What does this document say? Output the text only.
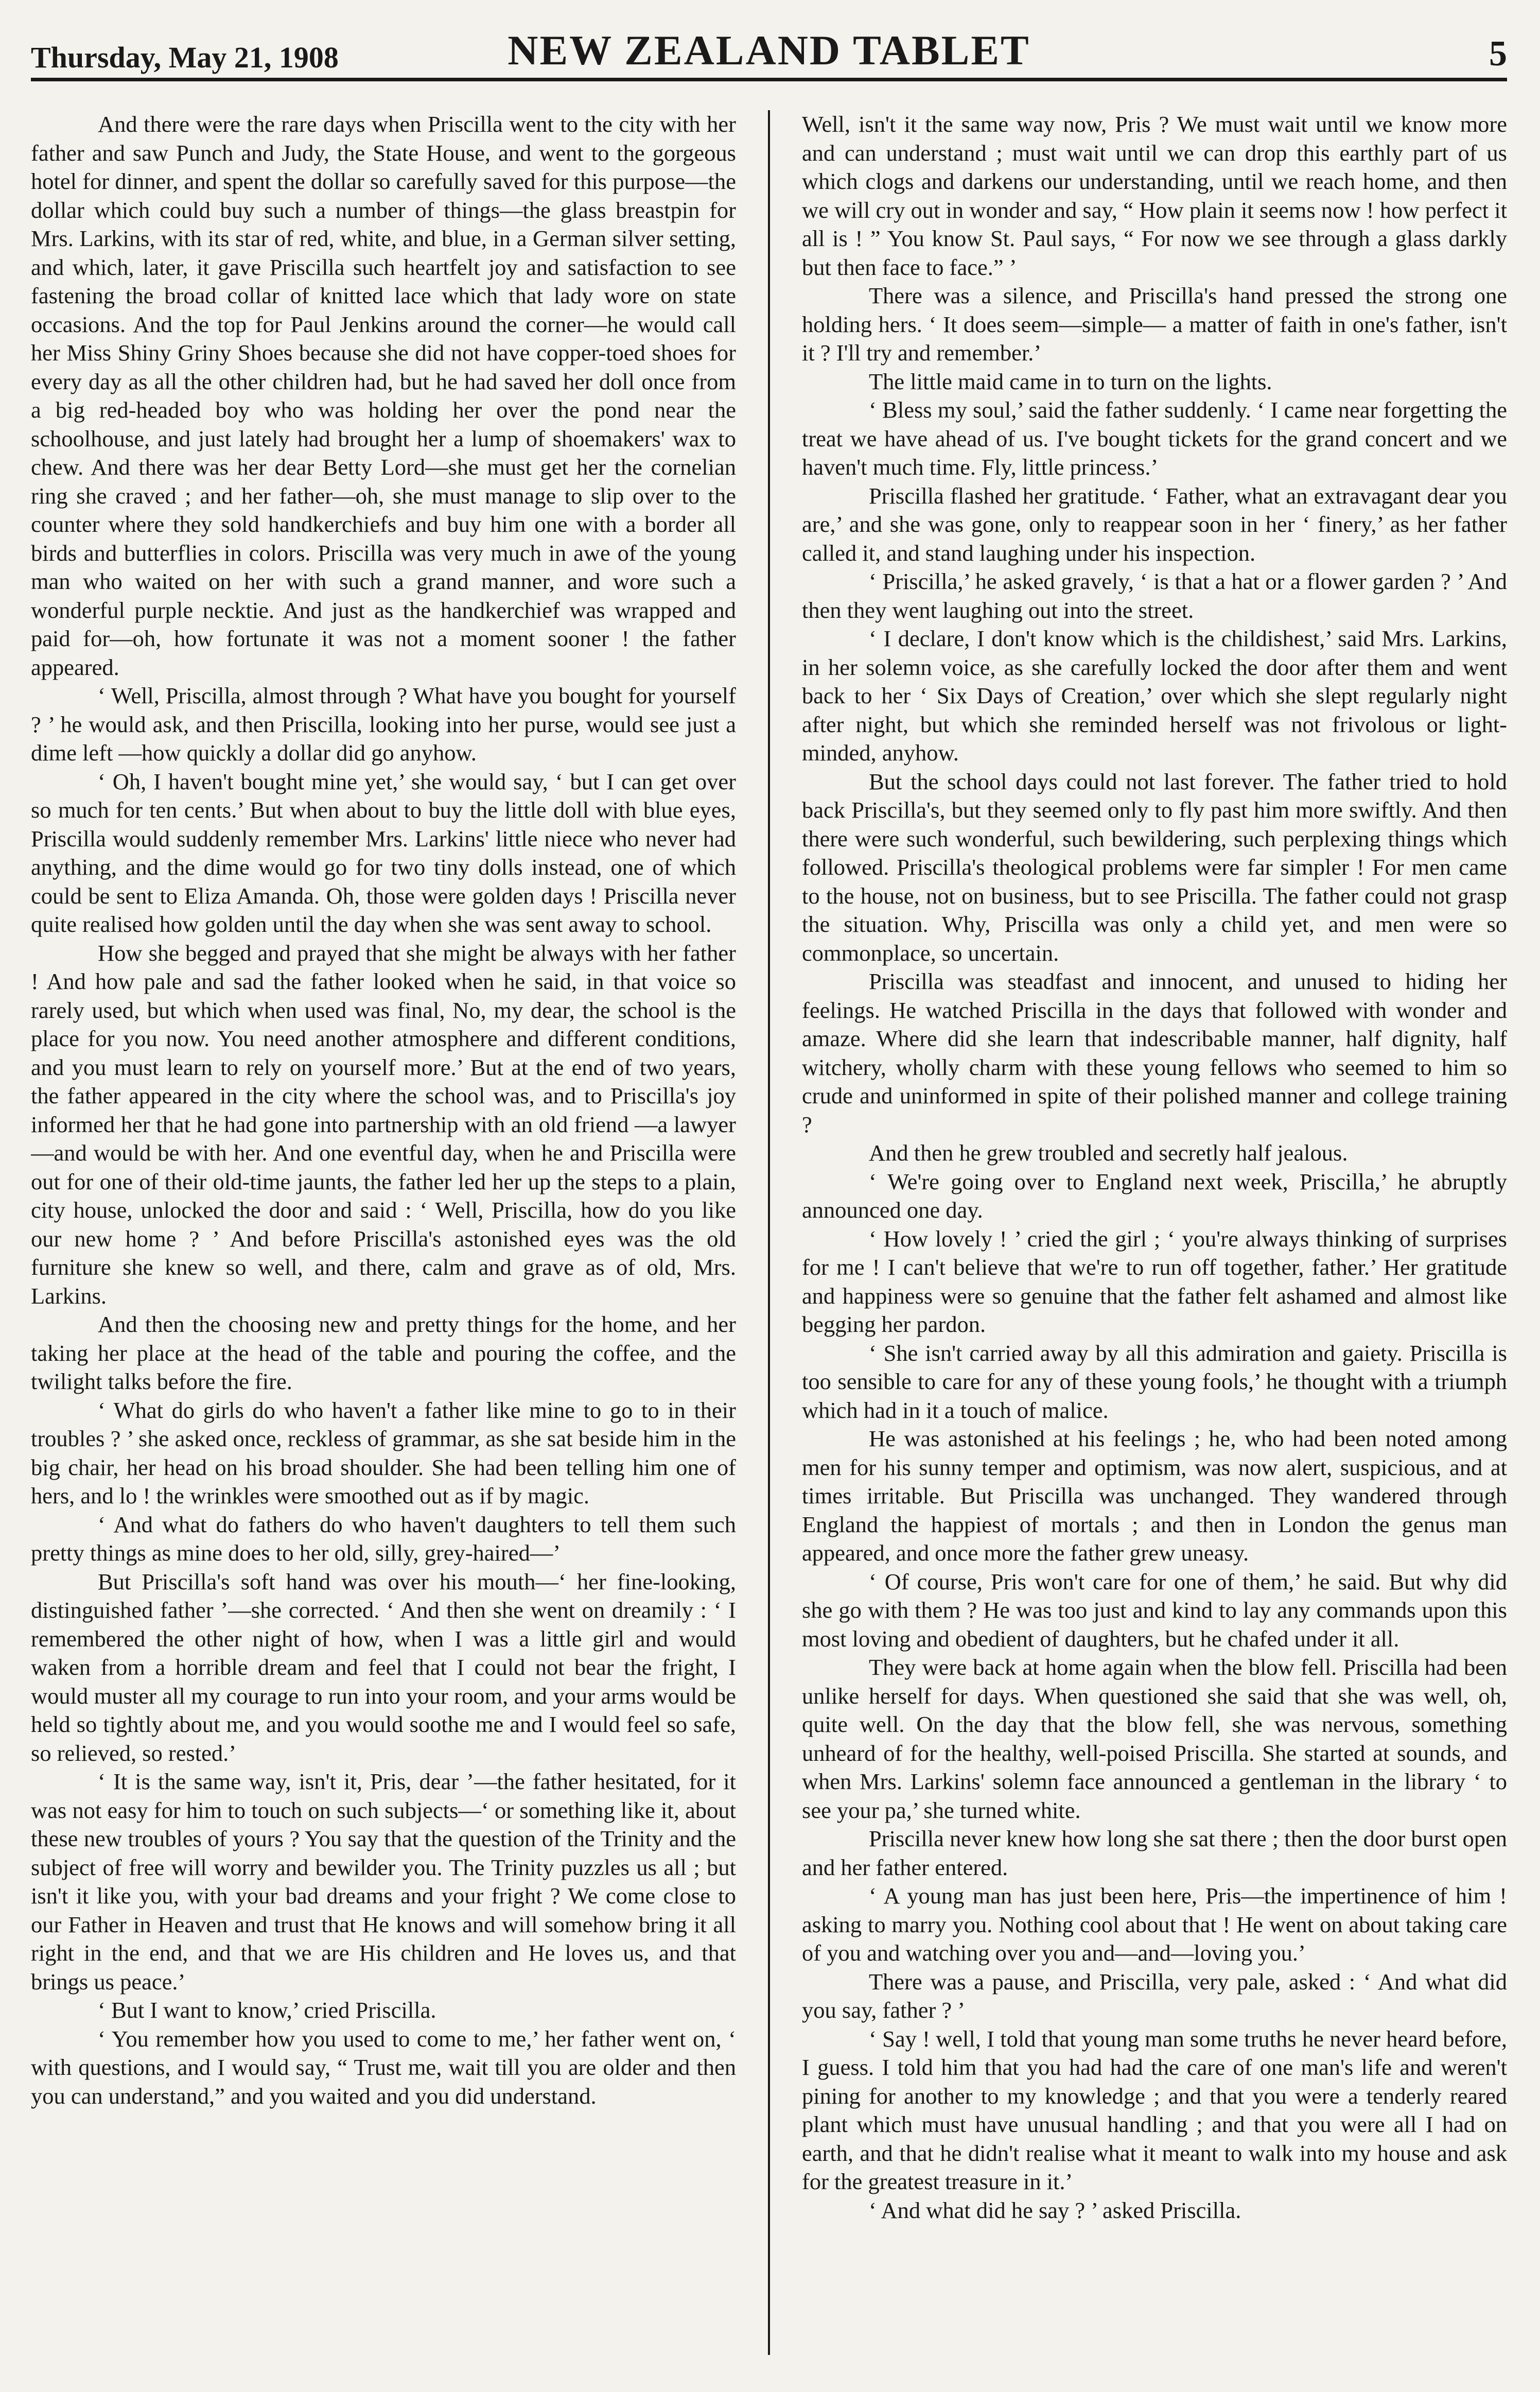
Thursday, May 21, 1908	NEW ZEALAND TABLET	5

And there were the rare days when Priscilla went to the city with her father and saw Punch and Judy, the State House, and went to the gorgeous hotel for dinner, and spent the dollar so carefully saved for this purpose—the dollar which could buy such a number of things—the glass breastpin for Mrs. Larkins, with its star of red, white, and blue, in a German silver setting, and which, later, it gave Priscilla such heartfelt joy and satisfaction to see fastening the broad collar of knitted lace which that lady wore on state occasions. And the top for Paul Jenkins around the corner—he would call her Miss Shiny Griny Shoes because she did not have copper-toed shoes for every day as all the other children had, but he had saved her doll once from a big red-headed boy who was holding her over the pond near the schoolhouse, and just lately had brought her a lump of shoemakers' wax to chew. And there was her dear Betty Lord—she must get her the cornelian ring she craved ; and her father—oh, she must manage to slip over to the counter where they sold handkerchiefs and buy him one with a border all birds and butterflies in colors. Priscilla was very much in awe of the young man who waited on her with such a grand manner, and wore such a wonderful purple necktie. And just as the handkerchief was wrapped and paid for—oh, how fortunate it was not a moment sooner ! the father appeared.

‘ Well, Priscilla, almost through ? What have you bought for yourself ? ’ he would ask, and then Priscilla, looking into her purse, would see just a dime left —how quickly a dollar did go anyhow.

‘ Oh, I haven't bought mine yet,’ she would say, ‘ but I can get over so much for ten cents.’ But when about to buy the little doll with blue eyes, Priscilla would suddenly remember Mrs. Larkins' little niece who never had anything, and the dime would go for two tiny dolls instead, one of which could be sent to Eliza Amanda. Oh, those were golden days ! Priscilla never quite realised how golden until the day when she was sent away to school.

How she begged and prayed that she might be always with her father ! And how pale and sad the father looked when he said, in that voice so rarely used, but which when used was final, No, my dear, the school is the place for you now. You need another atmosphere and different conditions, and you must learn to rely on yourself more.’ But at the end of two years, the father appeared in the city where the school was, and to Priscilla's joy informed her that he had gone into partnership with an old friend —a lawyer—and would be with her. And one eventful day, when he and Priscilla were out for one of their old-time jaunts, the father led her up the steps to a plain, city house, unlocked the door and said : ‘ Well, Priscilla, how do you like our new home ? ’ And before Priscilla's astonished eyes was the old furniture she knew so well, and there, calm and grave as of old, Mrs. Larkins.

And then the choosing new and pretty things for the home, and her taking her place at the head of the table and pouring the coffee, and the twilight talks before the fire.

‘ What do girls do who haven't a father like mine to go to in their troubles ? ’ she asked once, reckless of grammar, as she sat beside him in the big chair, her head on his broad shoulder. She had been telling him one of hers, and lo ! the wrinkles were smoothed out as if by magic.

‘ And what do fathers do who haven't daughters to tell them such pretty things as mine does to her old, silly, grey-haired—’

But Priscilla's soft hand was over his mouth—‘ her fine-looking, distinguished father ’—she corrected. ‘ And then she went on dreamily : ‘ I remembered the other night of how, when I was a little girl and would waken from a horrible dream and feel that I could not bear the fright, I would muster all my courage to run into your room, and your arms would be held so tightly about me, and you would soothe me and I would feel so safe, so relieved, so rested.’

‘ It is the same way, isn't it, Pris, dear ’—the father hesitated, for it was not easy for him to touch on such subjects—‘ or something like it, about these new troubles of yours ? You say that the question of the Trinity and the subject of free will worry and bewilder you. The Trinity puzzles us all ; but isn't it like you, with your bad dreams and your fright ? We come close to our Father in Heaven and trust that He knows and will somehow bring it all right in the end, and that we are His children and He loves us, and that brings us peace.’

‘ But I want to know,’ cried Priscilla.

‘ You remember how you used to come to me,’ her father went on, ‘ with questions, and I would say, “ Trust me, wait till you are older and then you can understand,” and you waited and you did understand.

Well, isn't it the same way now, Pris ? We must wait until we know more and can understand ; must wait until we can drop this earthly part of us which clogs and darkens our understanding, until we reach home, and then we will cry out in wonder and say, “ How plain it seems now ! how perfect it all is ! ” You know St. Paul says, “ For now we see through a glass darkly but then face to face.” ’

There was a silence, and Priscilla's hand pressed the strong one holding hers. ‘ It does seem—simple— a matter of faith in one's father, isn't it ? I'll try and remember.’

The little maid came in to turn on the lights.

‘ Bless my soul,’ said the father suddenly. ‘ I came near forgetting the treat we have ahead of us. I've bought tickets for the grand concert and we haven't much time. Fly, little princess.’

Priscilla flashed her gratitude. ‘ Father, what an extravagant dear you are,’ and she was gone, only to reappear soon in her ‘ finery,’ as her father called it, and stand laughing under his inspection.

‘ Priscilla,’ he asked gravely, ‘ is that a hat or a flower garden ? ’ And then they went laughing out into the street.

‘ I declare, I don't know which is the childishest,’ said Mrs. Larkins, in her solemn voice, as she carefully locked the door after them and went back to her ‘ Six Days of Creation,’ over which she slept regularly night after night, but which she reminded herself was not frivolous or light-minded, anyhow.

But the school days could not last forever. The father tried to hold back Priscilla's, but they seemed only to fly past him more swiftly. And then there were such wonderful, such bewildering, such perplexing things which followed. Priscilla's theological problems were far simpler ! For men came to the house, not on business, but to see Priscilla. The father could not grasp the situation. Why, Priscilla was only a child yet, and men were so commonplace, so uncertain.

Priscilla was steadfast and innocent, and unused to hiding her feelings. He watched Priscilla in the days that followed with wonder and amaze. Where did she learn that indescribable manner, half dignity, half witchery, wholly charm with these young fellows who seemed to him so crude and uninformed in spite of their polished manner and college training ?

And then he grew troubled and secretly half jealous.

‘ We're going over to England next week, Priscilla,’ he abruptly announced one day.

‘ How lovely ! ’ cried the girl ; ‘ you're always thinking of surprises for me ! I can't believe that we're to run off together, father.’ Her gratitude and happiness were so genuine that the father felt ashamed and almost like begging her pardon.

‘ She isn't carried away by all this admiration and gaiety. Priscilla is too sensible to care for any of these young fools,’ he thought with a triumph which had in it a touch of malice.

He was astonished at his feelings ; he, who had been noted among men for his sunny temper and optimism, was now alert, suspicious, and at times irritable. But Priscilla was unchanged. They wandered through England the happiest of mortals ; and then in London the genus man appeared, and once more the father grew uneasy.

‘ Of course, Pris won't care for one of them,’ he said. But why did she go with them ? He was too just and kind to lay any commands upon this most loving and obedient of daughters, but he chafed under it all.

They were back at home again when the blow fell. Priscilla had been unlike herself for days. When questioned she said that she was well, oh, quite well. On the day that the blow fell, she was nervous, something unheard of for the healthy, well-poised Priscilla. She started at sounds, and when Mrs. Larkins' solemn face announced a gentleman in the library ‘ to see your pa,’ she turned white.

Priscilla never knew how long she sat there ; then the door burst open and her father entered.

‘ A young man has just been here, Pris—the impertinence of him ! asking to marry you. Nothing cool about that ! He went on about taking care of you and watching over you and—and—loving you.’

There was a pause, and Priscilla, very pale, asked : ‘ And what did you say, father ? ’

‘ Say ! well, I told that young man some truths he never heard before, I guess. I told him that you had had the care of one man's life and weren't pining for another to my knowledge ; and that you were a tenderly reared plant which must have unusual handling ; and that you were all I had on earth, and that he didn't realise what it meant to walk into my house and ask for the greatest treasure in it.’

‘ And what did he say ? ’ asked Priscilla.
